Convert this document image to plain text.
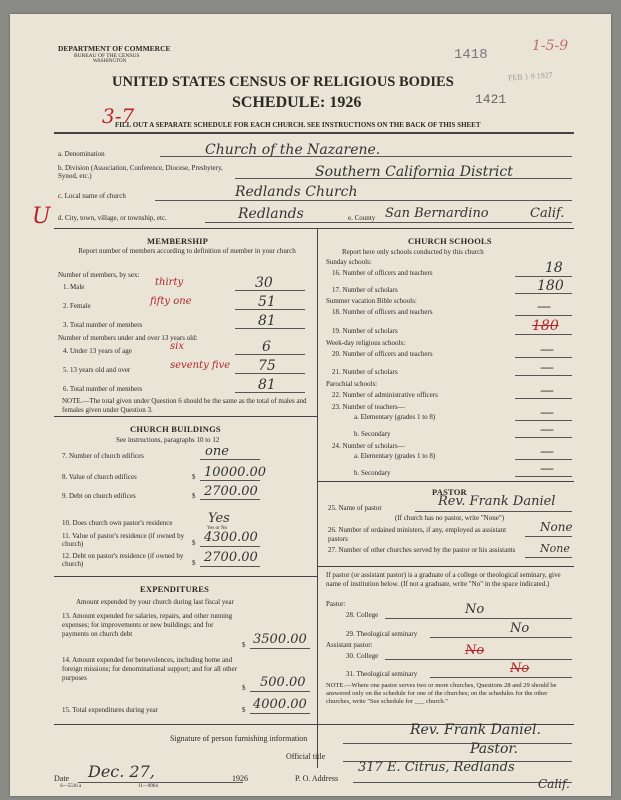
DEPARTMENT OF COMMERCE
BUREAU OF THE CENSUS
WASHINGTON	1418
1-5-9
FEB 1 9 1927
1421
UNITED STATES CENSUS OF RELIGIOUS BODIES
SCHEDULE: 1926
3-7
FILL OUT A SEPARATE SCHEDULE FOR EACH CHURCH. SEE INSTRUCTIONS ON THE BACK OF THIS SHEET
a. Denomination	Church of the Nazarene.
b. Division (Association, Conference, Diocese, Presbytery, Synod, etc.)	Southern California District
c. Local name of church	Redlands Church
U d. City, town, village, or township, etc.	Redlands	e. County San Bernardino	Calif.
MEMBERSHIP
Report number of members according to definition of member in your church
Number of members, by sex:
1. Male	thirty	30
2. Female	fifty one	51
3. Total number of members	81
Number of members under and over 13 years old:
4. Under 13 years of age	six	6
5. 13 years old and over	seventy five 75
6. Total number of members	81
NOTE.—The total given under Question 6 should be the same as the total of males and females given under Question 3.
CHURCH BUILDINGS
See instructions, paragraphs 10 to 12
7. Number of church edifices	one
8. Value of church edifices	$ 10000.00
9. Debt on church edifices	$ 2700.00
10. Does church own pastor's residence	Yes
Yes or No
11. Value of pastor's residence (if owned by church)	$ 4300.00
12. Debt on pastor's residence (if owned by church)	$ 2700.00
EXPENDITURES
Amount expended by your church during last fiscal year
13. Amount expended for salaries, repairs, and other running expenses; for improvements or new buildings; and for payments on church debt
$ 3500.00
14. Amount expended for benevolences, including home and foreign missions; for denominational support; and for all other purposes
$ 500.00
15. Total expenditures during year	$ 4000.00
CHURCH SCHOOLS
Report here only schools conducted by this church
Sunday schools:
16. Number of officers and teachers	18
17. Number of scholars	180
Summer vacation Bible schools:
18. Number of officers and teachers	—
19. Number of scholars	180
Week-day religious schools:
20. Number of officers and teachers	—
21. Number of scholars	—
Parochial schools:
22. Number of administrative officers	—
23. Number of teachers—
a. Elementary (grades 1 to 8)	—
b. Secondary	—
24. Number of scholars—
a. Elementary (grades 1 to 8)	—
b. Secondary	—
PASTOR
25. Name of pastor	Rev. Frank Daniel
(If church has no pastor, write "None")
26. Number of ordained ministers, if any, employed as assistant pastors
None
27. Number of other churches served by the pastor or his assistants	None
If pastor (or assistant pastor) is a graduate of a college or theological seminary, give name of institution below. (If not a graduate, write "No" in the space indicated.)
Pastor:
28. College	No
29. Theological seminary	No
Assistant pastor:
30. College	No
31. Theological seminary	No
NOTE.—Where one pastor serves two or more churches, Questions 28 and 29 should be answered only on the schedule for one of the churches; on the schedules for the other churches, write "See schedule for ___ church."
Signature of person furnishing information
Rev. Frank Daniel.
Official title	Pastor.
Date Dec. 27,	1926
S—5516 a	11—9064
P. O. Address
317 E. Citrus, Redlands
Calif.
